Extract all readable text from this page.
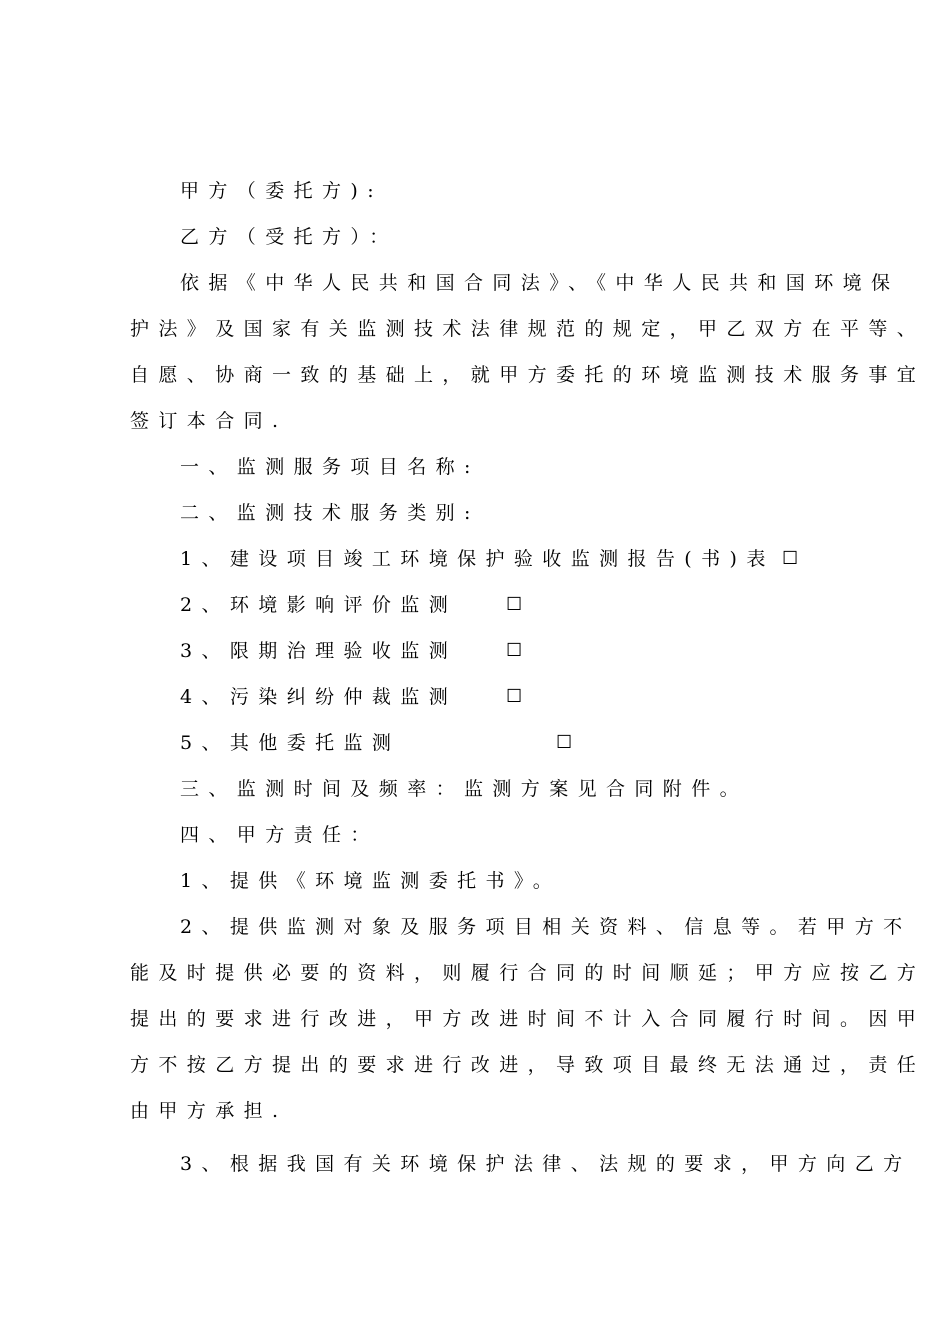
甲方（委托方):
乙方（受托方）：
依据《中华人民共和国合同法》、《中华人民共和国环境保
护法》及国家有关监测技术法律规范的规定，甲乙双方在平等、
自愿、协商一致的基础上，就甲方委托的环境监测技术服务事宜
签订本合同.
一、监测服务项目名称:
二、监测技术服务类别:
1、建设项目竣工环境保护验收监测报告(书)表 ☐
2、环境影响评价监测	☐
3、限期治理验收监测	☐
4、污染纠纷仲裁监测	☐
5、其他委托监测	☐
三、监测时间及频率：监测方案见合同附件。
四、甲方责任：
1、提供《环境监测委托书》。
2、提供监测对象及服务项目相关资料、信息等。若甲方不
能及时提供必要的资料，则履行合同的时间顺延；甲方应按乙方
提出的要求进行改进，甲方改进时间不计入合同履行时间。因甲
方不按乙方提出的要求进行改进，导致项目最终无法通过，责任
由甲方承担.
3、根据我国有关环境保护法律、法规的要求，甲方向乙方
